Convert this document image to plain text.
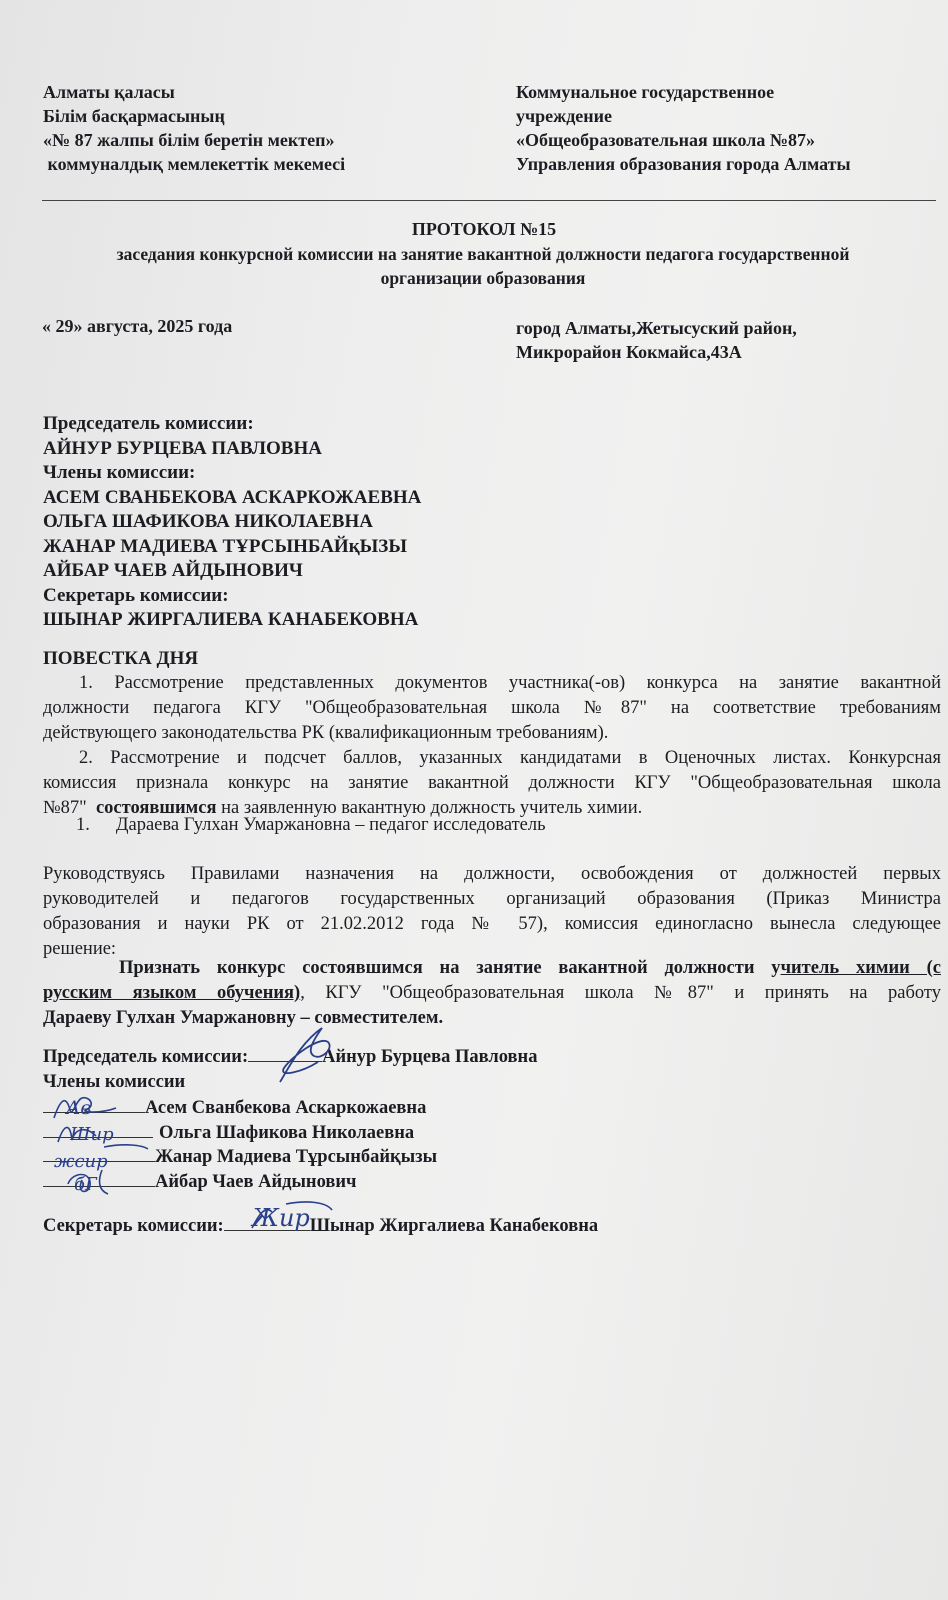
Алматы қаласы
Білім басқармасының
«№ 87 жалпы білім беретін мектеп»
коммуналдық мемлекеттік мекемесі
Коммунальное государственное
учреждение
«Общеобразовательная школа №87»
Управления образования города Алматы
ПРОТОКОЛ №15
заседания конкурсной комиссии на занятие вакантной должности педагога государственной
организации образования
« 29» августа, 2025 года	город Алматы,Жетысуский район,
Микрорайон Кокмайса,43А
Председатель комиссии:
АЙНУР БУРЦЕВА ПАВЛОВНА
Члены комиссии:
АСЕМ СВАНБЕКОВА АСКАРКОЖАЕВНА
ОЛЬГА ШАФИКОВА НИКОЛАЕВНА
ЖАНАР МАДИЕВА ТҰРСЫНБАЙқЫЗЫ
АЙБАР ЧАЕВ АЙДЫНОВИЧ
Секретарь комиссии:
ШЫНАР ЖИРГАЛИЕВА КАНАБЕКОВНА
ПОВЕСТКА ДНЯ
1. Рассмотрение представленных документов участника(-ов) конкурса на занятие вакантной
должности педагога КГУ "Общеобразовательная школа №87" на соответствие требованиям
действующего законодательства РК (квалификационным требованиям).
2. Рассмотрение и подсчет баллов, указанных кандидатами в Оценочных листах. Конкурсная
комиссия признала конкурс на занятие вакантной должности КГУ "Общеобразовательная школа
№87"  состоявшимся на заявленную вакантную должность учитель химии.
1. Дараева Гулхан Умаржановна – педагог исследователь
Руководствуясь Правилами назначения на должности, освобождения от должностей первых
руководителей и педагогов государственных организаций образования (Приказ Министра
образования и науки РК от 21.02.2012 года № 57), комиссия единогласно вынесла следующее
решение:
Признать конкурс состоявшимся на занятие вакантной должности учитель химии (с
русским языком обучения), КГУ "Общеобразовательная школа №87" и принять на работу
Дараеву Гулхан Умаржановну – совместителем.
Председатель комиссии:	Айнур Бурцева Павловна
Члены комиссии
Асем Сванбекова Аскаркожаевна
Ольга Шафикова Николаевна
Жанар Мадиева Тұрсынбайқызы
Айбар Чаев Айдынович
Ав
Шир
жсир
бГ
Секретарь комиссии:	Шынар Жиргалиева Канабековна
Жир
